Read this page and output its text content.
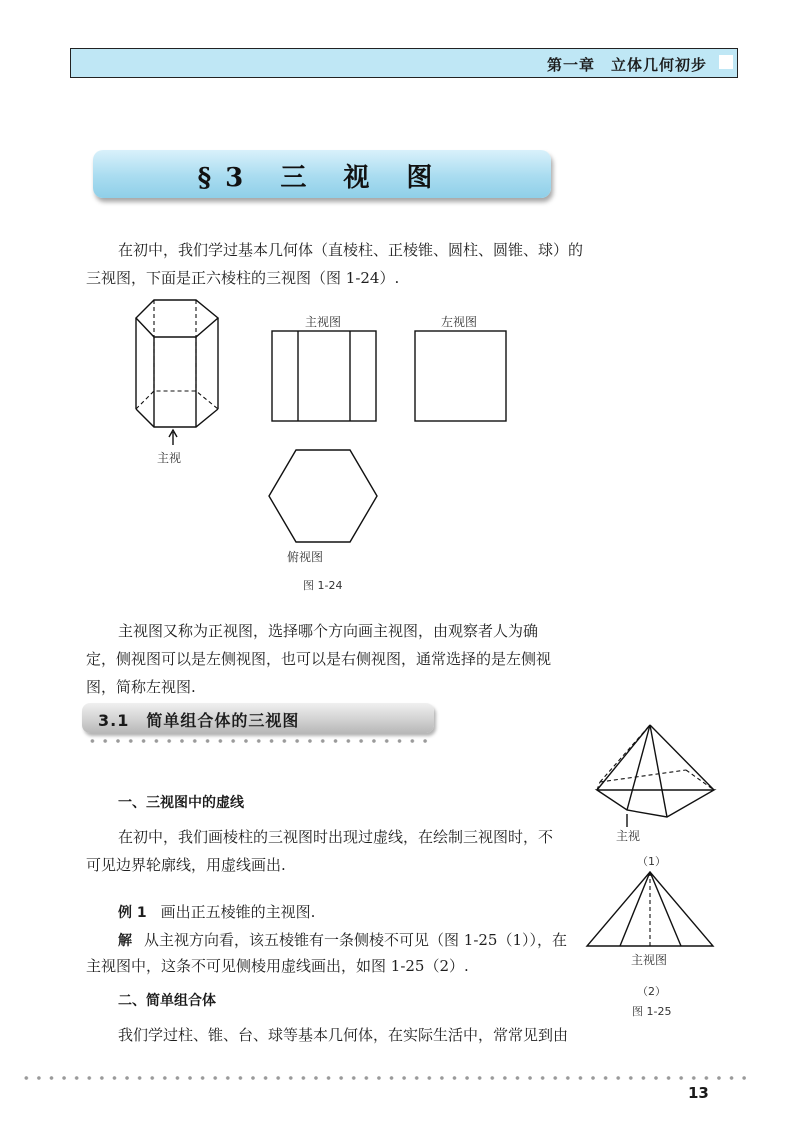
第一章　立体几何初步
§3 三 视 图
在初中，我们学过基本几何体（直棱柱、正棱锥、圆柱、圆锥、球）的
三视图，下面是正六棱柱的三视图（图 1-24）.
主视
主视图	左视图
俯视图
图 1-24
主视图又称为正视图，选择哪个方向画主视图，由观察者人为确
定，侧视图可以是左侧视图，也可以是右侧视图，通常选择的是左侧视
图，简称左视图.
3.1　简单组合体的三视图
一、三视图中的虚线
在初中，我们画棱柱的三视图时出现过虚线，在绘制三视图时，不
可见边界轮廓线，用虚线画出.
例 1 画出正五棱锥的主视图.
解 从主视方向看，该五棱锥有一条侧棱不可见（图 1-25（1）），在
主视图中，这条不可见侧棱用虚线画出，如图 1-25（2）.
二、简单组合体
我们学过柱、锥、台、球等基本几何体，在实际生活中，常常见到由
主视
（1）
主视图
（2）
图 1-25
13
